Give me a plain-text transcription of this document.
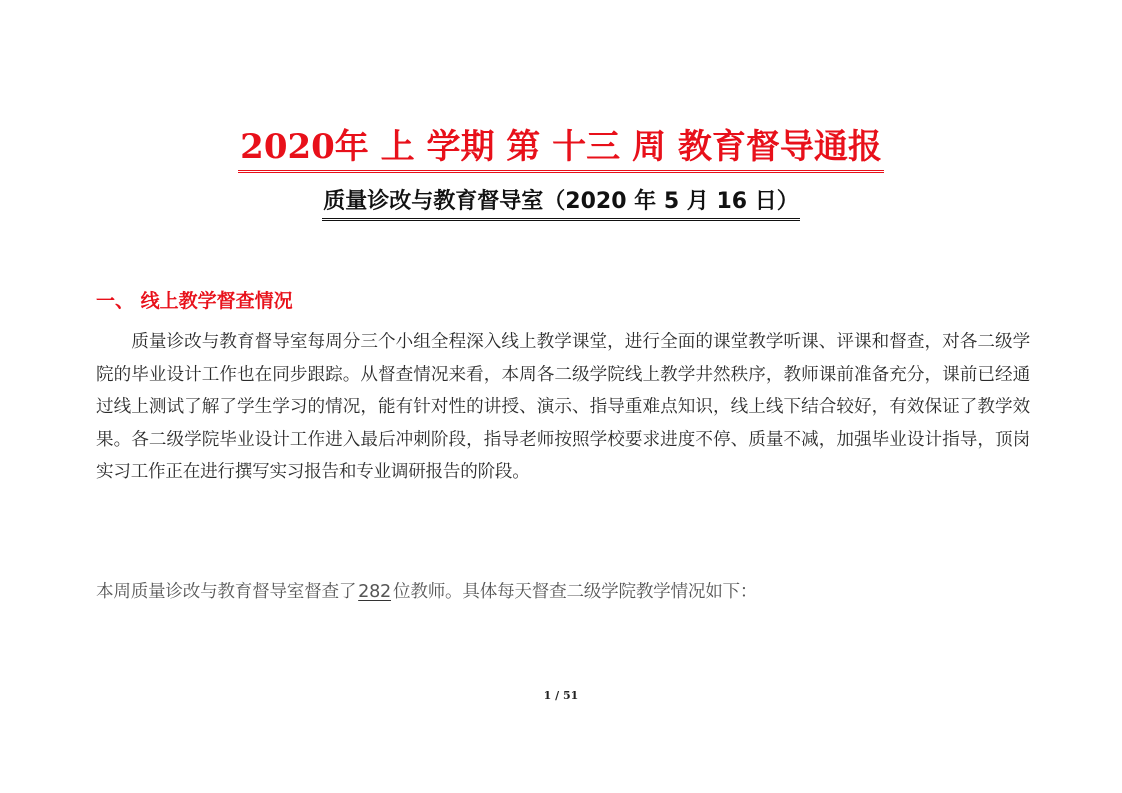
2020年 上 学期 第 十三 周 教育督导通报
质量诊改与教育督导室（2020 年 5 月 16 日）
一、 线上教学督查情况

质量诊改与教育督导室每周分三个小组全程深入线上教学课堂，进行全面的课堂教学听课、评课和督查，对各二级学院的毕业设计工作也在同步跟踪。从督查情况来看，本周各二级学院线上教学井然秩序，教师课前准备充分，课前已经通过线上测试了解了学生学习的情况，能有针对性的讲授、演示、指导重难点知识，线上线下结合较好，有效保证了教学效果。各二级学院毕业设计工作进入最后冲刺阶段，指导老师按照学校要求进度不停、质量不减，加强毕业设计指导，顶岗实习工作正在进行撰写实习报告和专业调研报告的阶段。

本周质量诊改与教育督导室督查了 282 位教师。具体每天督查二级学院教学情况如下：

1 / 51
